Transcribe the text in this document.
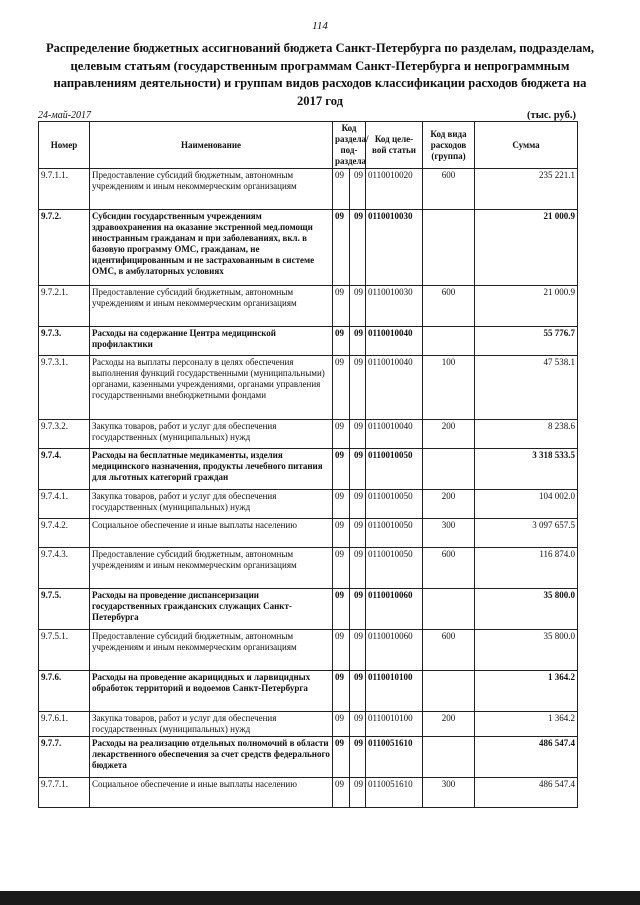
114
Распределение бюджетных ассигнований бюджета Санкт-Петербурга по разделам, подразделам, целевым статьям (государственным программам Санкт-Петербурга и непрограммным направлениям деятельности) и группам видов расходов классификации расходов бюджета на 2017 год
24-май-2017	(тыс. руб.)
Номер	Наименование	Код раздела/ под- раздела		Код целе- вой статьи	Код вида расходов (группа)	Сумма
9.7.1.1.	Предоставление субсидий бюджетным, автономным учреждениям и иным некоммерческим организациям	09	09	0110010020	600	235 221.1
9.7.2.	Субсидии государственным учреждениям здравоохранения на оказание экстренной мед.помощи иностранным гражданам и при заболеваниях, вкл. в базовую программу ОМС, гражданам, не идентифицированным и не застрахованным в системе ОМС, в амбулаторных условиях	09	09	0110010030		21 000.9
9.7.2.1.	Предоставление субсидий бюджетным, автономным учреждениям и иным некоммерческим организациям	09	09	0110010030	600	21 000.9
9.7.3.	Расходы на содержание Центра медицинской профилактики	09	09	0110010040		55 776.7
9.7.3.1.	Расходы на выплаты персоналу в целях обеспечения выполнения функций государственными (муниципальными) органами, казенными учреждениями, органами управления государственными внебюджетными фондами	09	09	0110010040	100	47 538.1
9.7.3.2.	Закупка товаров, работ и услуг для обеспечения государственных (муниципальных) нужд	09	09	0110010040	200	8 238.6
9.7.4.	Расходы на бесплатные медикаменты, изделия медицинского назначения, продукты лечебного питания для льготных категорий граждан	09	09	0110010050		3 318 533.5
9.7.4.1.	Закупка товаров, работ и услуг для обеспечения государственных (муниципальных) нужд	09	09	0110010050	200	104 002.0
9.7.4.2.	Социальное обеспечение и иные выплаты населению	09	09	0110010050	300	3 097 657.5
9.7.4.3.	Предоставление субсидий бюджетным, автономным учреждениям и иным некоммерческим организациям	09	09	0110010050	600	116 874.0
9.7.5.	Расходы на проведение диспансеризации государственных гражданских служащих Санкт-Петербурга	09	09	0110010060		35 800.0
9.7.5.1.	Предоставление субсидий бюджетным, автономным учреждениям и иным некоммерческим организациям	09	09	0110010060	600	35 800.0
9.7.6.	Расходы на проведение акарицидных и ларвицидных обработок территорий и водоемов Санкт-Петербурга	09	09	0110010100		1 364.2
9.7.6.1.	Закупка товаров, работ и услуг для обеспечения государственных (муниципальных) нужд	09	09	0110010100	200	1 364.2
9.7.7.	Расходы на реализацию отдельных полномочий в области лекарственного обеспечения за счет средств федерального бюджета	09	09	0110051610		486 547.4
9.7.7.1.	Социальное обеспечение и иные выплаты населению	09	09	0110051610	300	486 547.4
